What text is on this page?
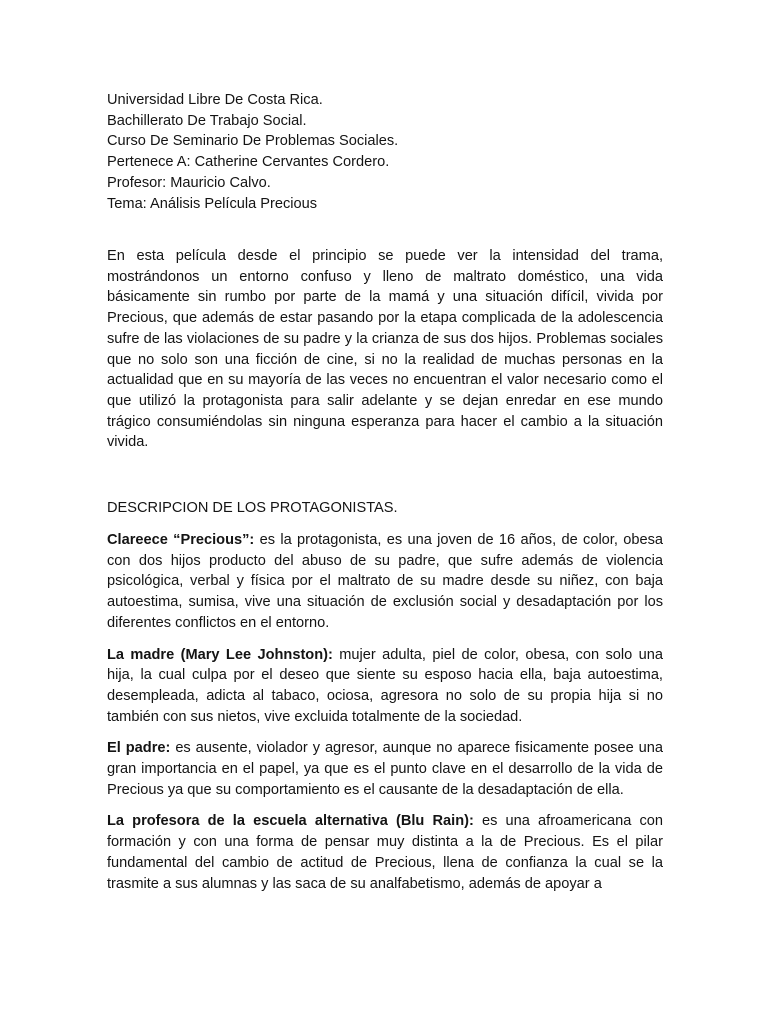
Universidad Libre De Costa Rica.
Bachillerato De Trabajo Social.
Curso De Seminario De Problemas Sociales.
Pertenece A: Catherine Cervantes Cordero.
Profesor: Mauricio Calvo.
Tema: Análisis Película Precious

En esta película desde el principio se puede ver la intensidad del trama, mostrándonos un entorno confuso y lleno de maltrato doméstico, una vida básicamente sin rumbo por parte de la mamá y una situación difícil, vivida por Precious, que además de estar pasando por la etapa complicada de la adolescencia sufre de las violaciones de su padre y la crianza de sus dos hijos. Problemas sociales que no solo son una ficción de cine, si no la realidad de muchas personas en la actualidad que en su mayoría de las veces no encuentran el valor necesario como el que utilizó la protagonista para salir adelante y se dejan enredar en ese mundo trágico consumiéndolas sin ninguna esperanza para hacer el cambio a la situación vivida.

DESCRIPCION DE LOS PROTAGONISTAS.

Clareece “Precious”: es la protagonista, es una joven de 16 años, de color, obesa con dos hijos producto del abuso de su padre, que sufre además de violencia psicológica, verbal y física por el maltrato de su madre desde su niñez, con baja autoestima, sumisa, vive una situación de exclusión social y desadaptación por los diferentes conflictos en el entorno.

La madre (Mary Lee Johnston): mujer adulta, piel de color, obesa, con solo una hija, la cual culpa por el deseo que siente su esposo hacia ella, baja autoestima, desempleada, adicta al tabaco, ociosa, agresora no solo de su propia hija si no también con sus nietos, vive excluida totalmente de la sociedad.

El padre: es ausente, violador y agresor, aunque no aparece fisicamente posee una gran importancia en el papel, ya que es el punto clave en el desarrollo de la vida de Precious ya que su comportamiento es el causante de la desadaptación de ella.

La profesora de la escuela alternativa (Blu Rain): es una afroamericana con formación y con una forma de pensar muy distinta a la de Precious. Es el pilar fundamental del cambio de actitud de Precious, llena de confianza la cual se la trasmite a sus alumnas y las saca de su analfabetismo, además de apoyar a
